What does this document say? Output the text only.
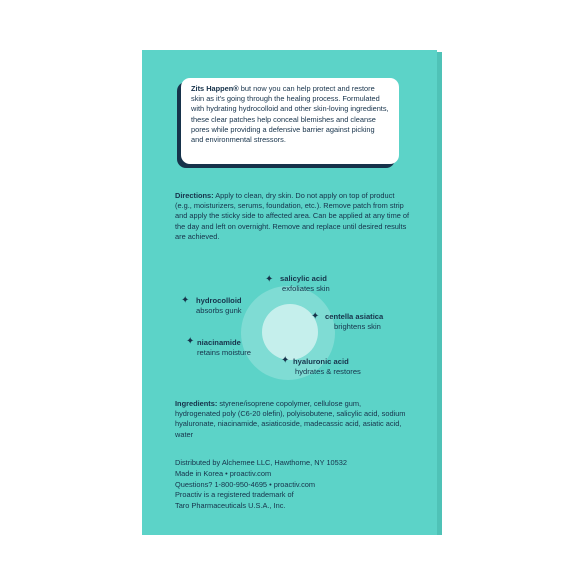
Zits Happen® but now you can help protect and restore skin as it's going through the healing process. Formulated with hydrating hydrocolloid and other skin-loving ingredients, these clear patches help conceal blemishes and cleanse pores while providing a defensive barrier against picking and environmental stressors.
Directions: Apply to clean, dry skin. Do not apply on top of product (e.g., moisturizers, serums, foundation, etc.). Remove patch from strip and apply the sticky side to affected area. Can be applied at any time of the day and left on overnight. Remove and replace until desired results are achieved.
✦ salicylic acid
exfoliates skin
✦ hydrocolloid
absorbs gunk
✦ centella asiatica
brightens skin
✦ niacinamide
retains moisture
✦ hyaluronic acid
hydrates & restores
Ingredients: styrene/isoprene copolymer, cellulose gum, hydrogenated poly (C6-20 olefin), polyisobutene, salicylic acid, sodium hyaluronate, niacinamide, asiaticoside, madecassic acid, asiatic acid, water
Distributed by Alchemee LLC, Hawthorne, NY 10532
Made in Korea • proactiv.com
Questions? 1-800-950-4695 • proactiv.com
Proactiv is a registered trademark of
Taro Pharmaceuticals U.S.A., Inc.
